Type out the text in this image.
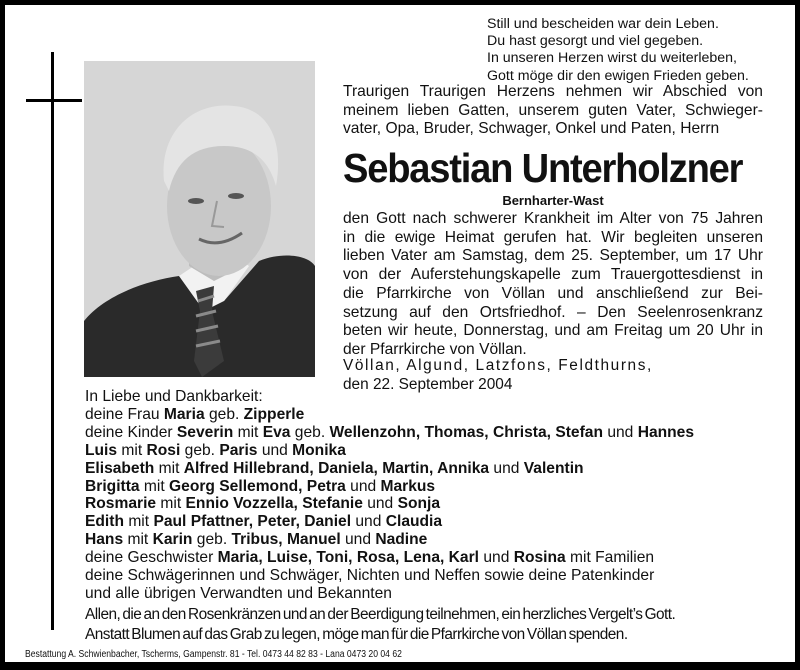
Still und bescheiden war dein Leben.
Du hast gesorgt und viel gegeben.
In unseren Herzen wirst du weiterleben,
Gott möge dir den ewigen Frieden geben.
Traurigen Traurigen Herzens nehmen wir Abschied von
meinem lieben Gatten, unserem guten Vater, Schwieger-
vater, Opa, Bruder, Schwager, Onkel und Paten, Herrn
Sebastian Unterholzner
Bernharter-Wast
den Gott nach schwerer Krankheit im Alter von 75 Jahren
in die ewige Heimat gerufen hat. Wir begleiten unseren
lieben Vater am Samstag, dem 25. September, um 17 Uhr
von der Auferstehungskapelle zum Trauergottesdienst in
die Pfarrkirche von Völlan und anschließend zur Bei-
setzung auf den Ortsfriedhof. – Den Seelenrosenkranz
beten wir heute, Donnerstag, und am Freitag um 20 Uhr in
der Pfarrkirche von Völlan.
Völlan, Algund, Latzfons, Feldthurns,
den 22. September 2004
In Liebe und Dankbarkeit:
deine Frau Maria geb. Zipperle
deine Kinder Severin mit Eva geb. Wellenzohn, Thomas, Christa, Stefan und Hannes
Luis mit Rosi geb. Paris und Monika
Elisabeth mit Alfred Hillebrand, Daniela, Martin, Annika und Valentin
Brigitta mit Georg Sellemond, Petra und Markus
Rosmarie mit Ennio Vozzella, Stefanie und Sonja
Edith mit Paul Pfattner, Peter, Daniel und Claudia
Hans mit Karin geb. Tribus, Manuel und Nadine
deine Geschwister Maria, Luise, Toni, Rosa, Lena, Karl und Rosina mit Familien
deine Schwägerinnen und Schwäger, Nichten und Neffen sowie deine Patenkinder
und alle übrigen Verwandten und Bekannten
Allen, die an den Rosenkränzen und an der Beerdigung teilnehmen, ein herzliches Vergelt’s Gott.
Anstatt Blumen auf das Grab zu legen, möge man für die Pfarrkirche von Völlan spenden.
Bestattung A. Schwienbacher, Tscherms, Gampenstr. 81 - Tel. 0473 44 82 83 - Lana 0473 20 04 62
